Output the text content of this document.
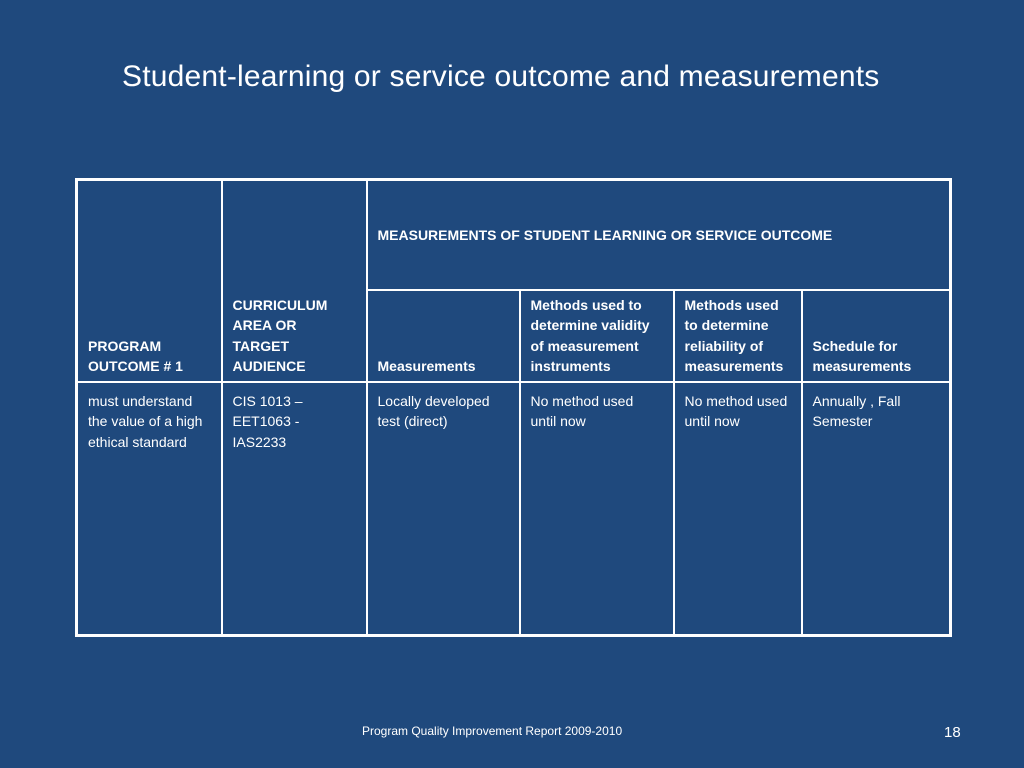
Student-learning or service outcome and measurements
PROGRAM OUTCOME # 1	CURRICULUM AREA OR TARGET AUDIENCE	MEASUREMENTS OF STUDENT LEARNING OR SERVICE OUTCOME			
		Measurements	Methods used to determine validity of measurement instruments	Methods used to determine reliability of measurements	Schedule for measurements
must understand the value of a high ethical standard	CIS 1013 – EET1063 - IAS2233	Locally developed test (direct)	No method used until now	No method used until now	Annually , Fall Semester
Program Quality Improvement Report 2009-2010	18
